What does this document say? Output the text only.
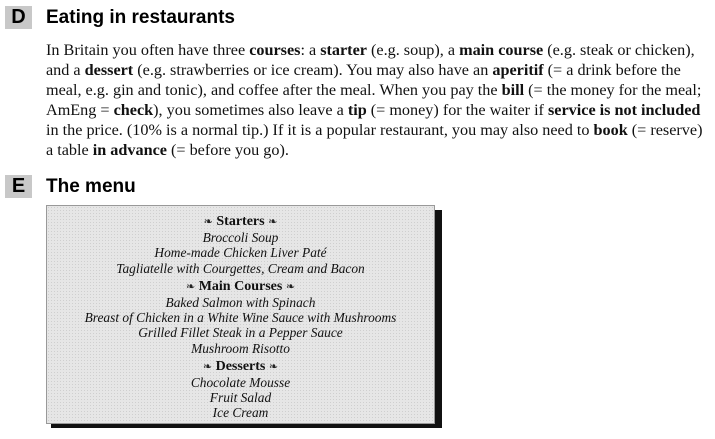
D	Eating in restaurants
In Britain you often have three courses: a starter (e.g. soup), a main course (e.g. steak or chicken), and a dessert (e.g. strawberries or ice cream). You may also have an aperitif (= a drink before the meal, e.g. gin and tonic), and coffee after the meal. When you pay the bill (= the money for the meal; AmEng = check), you sometimes also leave a tip (= money) for the waiter if service is not included in the price. (10% is a normal tip.) If it is a popular restaurant, you may also need to book (= reserve) a table in advance (= before you go).
E	The menu
❧ Starters ❧
Broccoli Soup
Home-made Chicken Liver Paté
Tagliatelle with Courgettes, Cream and Bacon
❧ Main Courses ❧
Baked Salmon with Spinach
Breast of Chicken in a White Wine Sauce with Mushrooms
Grilled Fillet Steak in a Pepper Sauce
Mushroom Risotto
❧ Desserts ❧
Chocolate Mousse
Fruit Salad
Ice Cream
